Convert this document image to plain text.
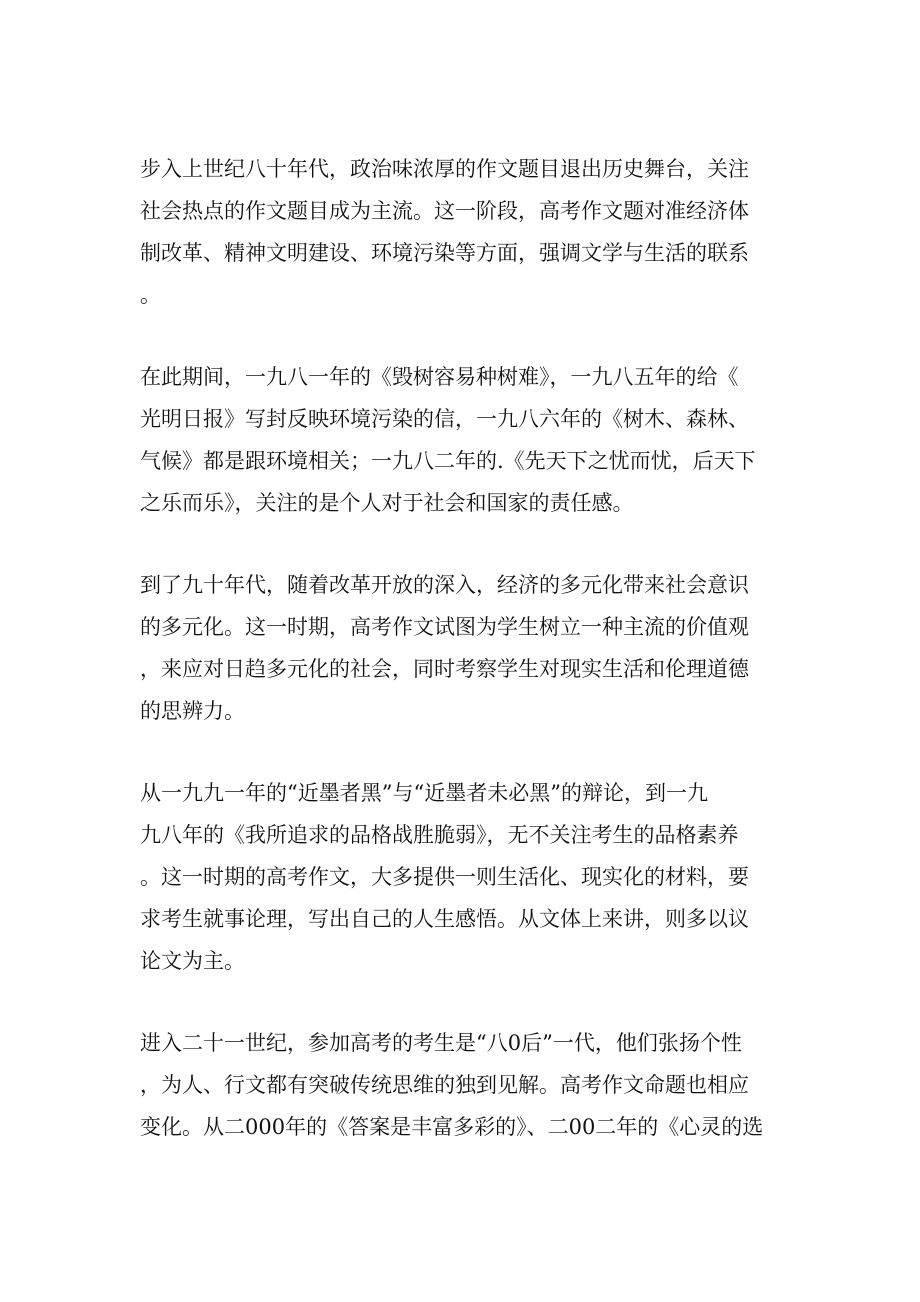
步入上世纪八十年代，政治味浓厚的作文题目退出历史舞台，关注
社会热点的作文题目成为主流。这一阶段，高考作文题对准经济体
制改革、精神文明建设、环境污染等方面，强调文学与生活的联系
。

在此期间，一九八一年的《毁树容易种树难》，一九八五年的给《
光明日报》写封反映环境污染的信，一九八六年的《树木、森林、
气候》都是跟环境相关；一九八二年的.《先天下之忧而忧，后天下
之乐而乐》，关注的是个人对于社会和国家的责任感。

到了九十年代，随着改革开放的深入，经济的多元化带来社会意识
的多元化。这一时期，高考作文试图为学生树立一种主流的价值观
，来应对日趋多元化的社会，同时考察学生对现实生活和伦理道德
的思辨力。

从一九九一年的“近墨者黑”与“近墨者未必黑”的辩论，到一九
九八年的《我所追求的品格战胜脆弱》，无不关注考生的品格素养
。这一时期的高考作文，大多提供一则生活化、现实化的材料，要
求考生就事论理，写出自己的人生感悟。从文体上来讲，则多以议
论文为主。

进入二十一世纪，参加高考的考生是“八0后”一代，他们张扬个性
，为人、行文都有突破传统思维的独到见解。高考作文命题也相应
变化。从二000年的《答案是丰富多彩的》、二00二年的《心灵的选
